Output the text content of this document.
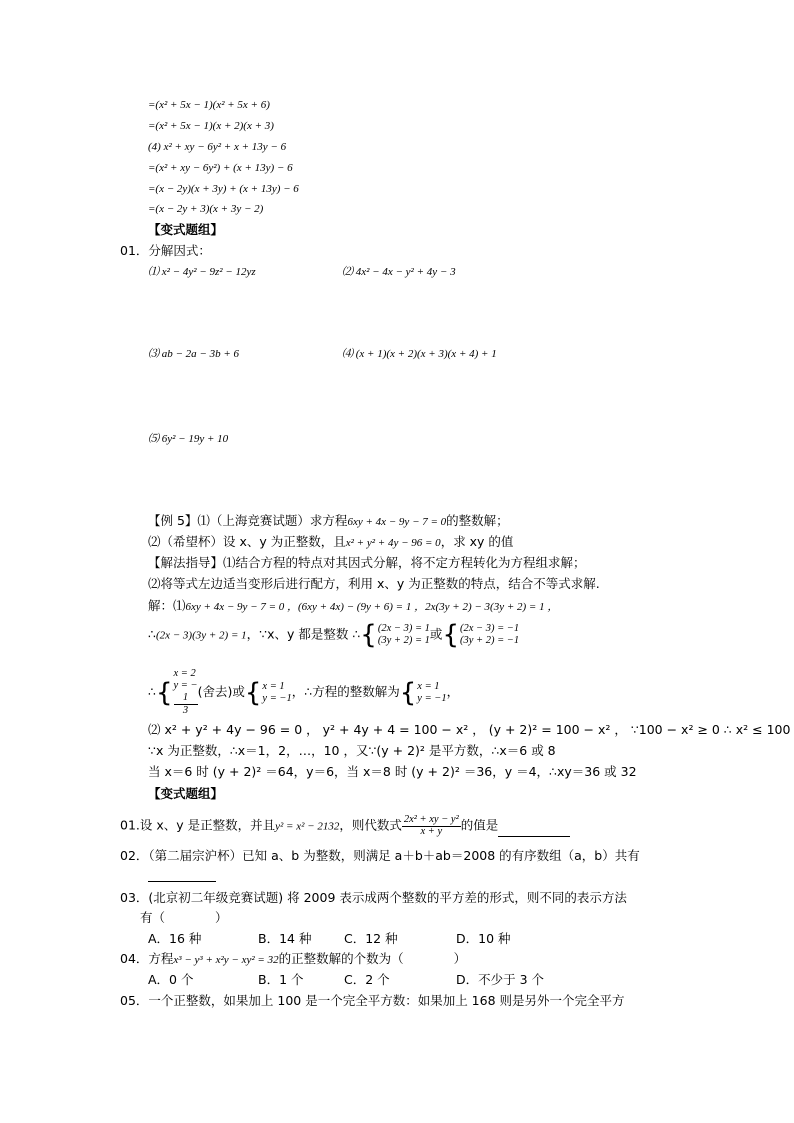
=(x² + 5x − 1)(x² + 5x + 6)
=(x² + 5x − 1)(x + 2)(x + 3)
(4) x² + xy − 6y² + x + 13y − 6
=(x² + xy − 6y²) + (x + 13y) − 6
=(x − 2y)(x + 3y) + (x + 13y) − 6
=(x − 2y + 3)(x + 3y − 2)
【变式题组】
01．分解因式：
⑴ x² − 4y² − 9z² − 12yz	⑵ 4x² − 4x − y² + 4y − 3
⑶ ab − 2a − 3b + 6	⑷ (x + 1)(x + 2)(x + 3)(x + 4) + 1
⑸ 6y² − 19y + 10
【例 5】⑴（上海竞赛试题）求方程6xy + 4x − 9y − 7 = 0的整数解；
⑵（希望杯）设 x、y 为正整数，且x² + y² + 4y − 96 = 0，求 xy 的值
【解法指导】⑴结合方程的特点对其因式分解，将不定方程转化为方程组求解；
⑵将等式左边适当变形后进行配方，利用 x、y 为正整数的特点，结合不等式求解.
解：⑴6xy + 4x − 9y − 7 = 0 ，(6xy + 4x) − (9y + 6) = 1 ，2x(3y + 2) − 3(3y + 2) = 1 ，
∴(2x − 3)(3y + 2) = 1，∵x、y 都是整数 ∴{ (2x − 3) = 1
(3y + 2) = 1 或{ (2x − 3) = −1
(3y + 2) = −1
∴{
x = 2
y = −
1
3
(舍去)或{ x = 1
y = −1 ，∴方程的整数解为{ x = 1
y = −1 ，
⑵ x² + y² + 4y − 96 = 0 ， y² + 4y + 4 = 100 − x² ， (y + 2)² = 100 − x² ， ∵100 − x² ≥ 0 ∴ x² ≤ 100
∵x 为正整数，∴x＝1，2，…，10 ，又∵(y + 2)² 是平方数，∴x＝6 或 8
当 x＝6 时 (y + 2)² ＝64，y＝6，当 x＝8 时 (y + 2)² ＝36，y ＝4，∴xy＝36 或 32
【变式题组】
01.设 x、y 是正整数，并且y² = x² − 2132，则代数式 $\frac{\text{2x² + xy − y²}}{x + y}$ 的值是
02．（第二届宗沪杯）已知 a、b 为整数，则满足 a＋b＋ab＝2008 的有序数组（a，b）共有
03．(北京初二年级竞赛试题) 将 2009 表示成两个整数的平方差的形式，则不同的表示方法
有（　　　　）
A．16 种	B．14 种	C．12 种	D．10 种
04．方程x³ − y³ + x²y − xy² = 32的正整数解的个数为（　　　　）
A．0 个	B．1 个	C．2 个	D．不少于 3 个
05．一个正整数，如果加上 100 是一个完全平方数：如果加上 168 则是另外一个完全平方
